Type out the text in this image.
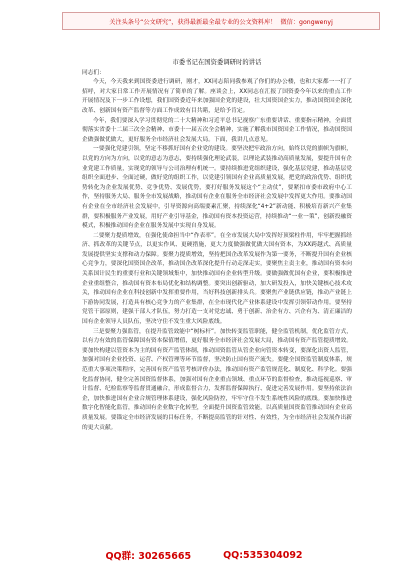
关注头条号“公文研究”，获得最新最全最专业的公文资料库！ 微信：gongwenyj
市委书记在国资委调研时的讲话

同志们：

今天，今天我来到国资委进行调研，刚才，XX同志陪同我参观了你们的办公楼，也和大家都一一打了招呼，对大家日常工作开展情况有了简单的了解。座谈会上，XX同志在汇报了国资委今年以来的重点工作开展情况及下一步工作设想，我们国资委近年来加强国企党的建设，壮大国资国企实力，推动国资国企深化改革、创新国有资产监督等方面工作成效有目共睹，是给予肯定。

今年，我们要深入学习贯彻党的二十大精神和习近平总书记视察广东重要讲话、重要指示精神，全面贯彻落实省委十二届三次全会精神、市委十一届五次全会精神，实施了解我市国资国企工作情况，推动国资国企做强做优做大，更好服务全市经济社会发展大局。下面，我讲几点意见。

一要强化党建引领，坚定不移抓好国有企业党的建设。要坚决把牢政治方向，始终以党的旗帜为旗帜，以党的方向为方向，以党的意志为意志，要持续强化理论武装，以理论武装推动高质量发展，要提升国有企业党建工作质量，实现党的领导与公司治理有机统一。要持续推进党组织建设，强化基层党建，推动基层党组织全面进步、全面过硬，做好党的组织工作，以党建引领国有企业高质量发展，把党的政治优势、组织优势转化为企业发展优势、竞争优势、发展优势，要打好服务发展这个“主动仗”，要紧扣市委市政府中心工作，坚持服务大局、服务全市发展战略，推动国有企业在服务全市经济社会发展中发挥更大作用。要推动国有企业在全市经济社会发展中，引导资源向高端要素汇聚，持续深化“4+2”新动能、积极培育新兴产业集群，要积极服务产业发展，用好产业引导基金，推动国有资本投资运营，持续推动“一业一策”，创新投融资模式，积极推动国有企业在服务发展中实现自身发展。

二要聚力提质增效，在强化使命担当中“作表率”。在全市发展大局中发挥好顶梁柱作用，牢牢把握抓经济、抓改革的关键节点，以更实作风、更硬措施，更大力度做强做优做大国有资本，为XX跨越式、高质量发展提供坚实支撑和动力保障。要聚力提质增效，坚持把国企改革发展作为第一要务，不断提升国有企业核心竞争力，要深化国资国企改革，推动国企改革深化提升行动走深走实，要聚焦主责主业，推动国有资本向关系国计民生的重要行业和关键领域集中，加快推动国有企业转型升级。要做强做优国有企业，要积极推进企业重组整合，推动国有资本布局优化和结构调整。要突出创新驱动，加大研发投入，加快关键核心技术攻关，推动国有企业在科技创新中发挥重要作用，当好科技创新排头兵。要聚焦产业链供应链，推动产业链上下游协同发展，打造具有核心竞争力的产业集群，在全市现代化产业体系建设中发挥引领带动作用。要坚持党管干部原则，建强干部人才队伍，努力打造一支对党忠诚、勇于创新、治企有方、兴企有为、清正廉洁的国有企业领导人员队伍，坚决守住不发生重大风险底线。

三是要聚力强监管，在提升监管效能中“树标杆”。加快转变监管职能，健全监管机制，优化监管方式，以有力有效的监管保障国有资本保值增值，更好服务全市经济社会发展大局，推动国有资产监管提质增效。要加快构建以管资本为主的国有资产监管体制，推动国资监管从管企业向管资本转变，要深化出资人监管，加强对国有企业投资、运营、产权管理等环节监督，坚决防止国有资产流失。要健全国资监管制度体系，规范重大事项决策程序，完善国有资产监管考核评价办法，推动国有资产监管规范化、制度化、科学化。要强化监督协同，健全完善国资监督体系，加强对国有企业重点领域、重点环节的监督检查，推动巡视巡察、审计监督、纪检监察等监督贯通融合，形成监督合力，发挥监督保障执行、促进完善发展作用。要坚持依法治企，加快推进国有企业合规管理体系建设，强化风险防控，牢牢守住不发生系统性风险的底线。要加快推进数字化智能化监管，推动国有企业数字化转型，全面提升国资监管效能，以高质量国资监管推动国有企业高质量发展。要锚定全市经济发展的目标任务，不断提高监管的针对性、有效性，为全市经济社会发展作出新的更大贡献。

QQ群: 30265665	QQ:535304092
